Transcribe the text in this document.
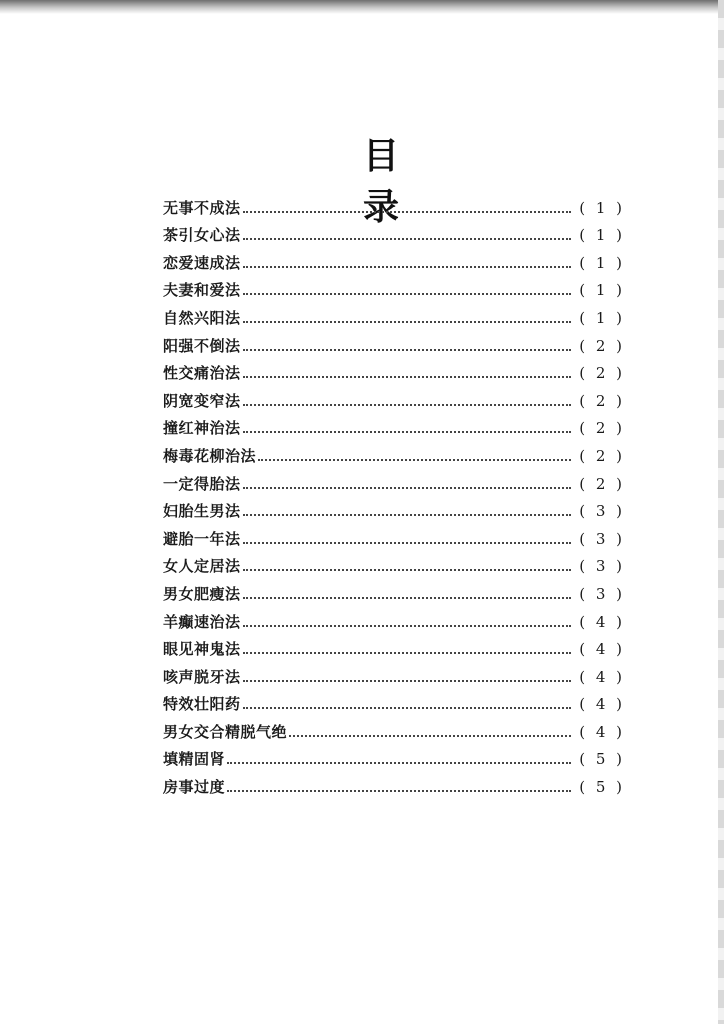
目 录
无事不成法	( 1 )
茶引女心法	( 1 )
恋爱速成法	( 1 )
夫妻和爱法	( 1 )
自然兴阳法	( 1 )
阳强不倒法	( 2 )
性交痛治法	( 2 )
阴宽变窄法	( 2 )
撞红神治法	( 2 )
梅毒花柳治法	( 2 )
一定得胎法	( 2 )
妇胎生男法	( 3 )
避胎一年法	( 3 )
女人定居法	( 3 )
男女肥瘦法	( 3 )
羊癫速治法	( 4 )
眼见神鬼法	( 4 )
咳声脱牙法	( 4 )
特效壮阳药	( 4 )
男女交合精脱气绝	( 4 )
填精固肾	( 5 )
房事过度	( 5 )
